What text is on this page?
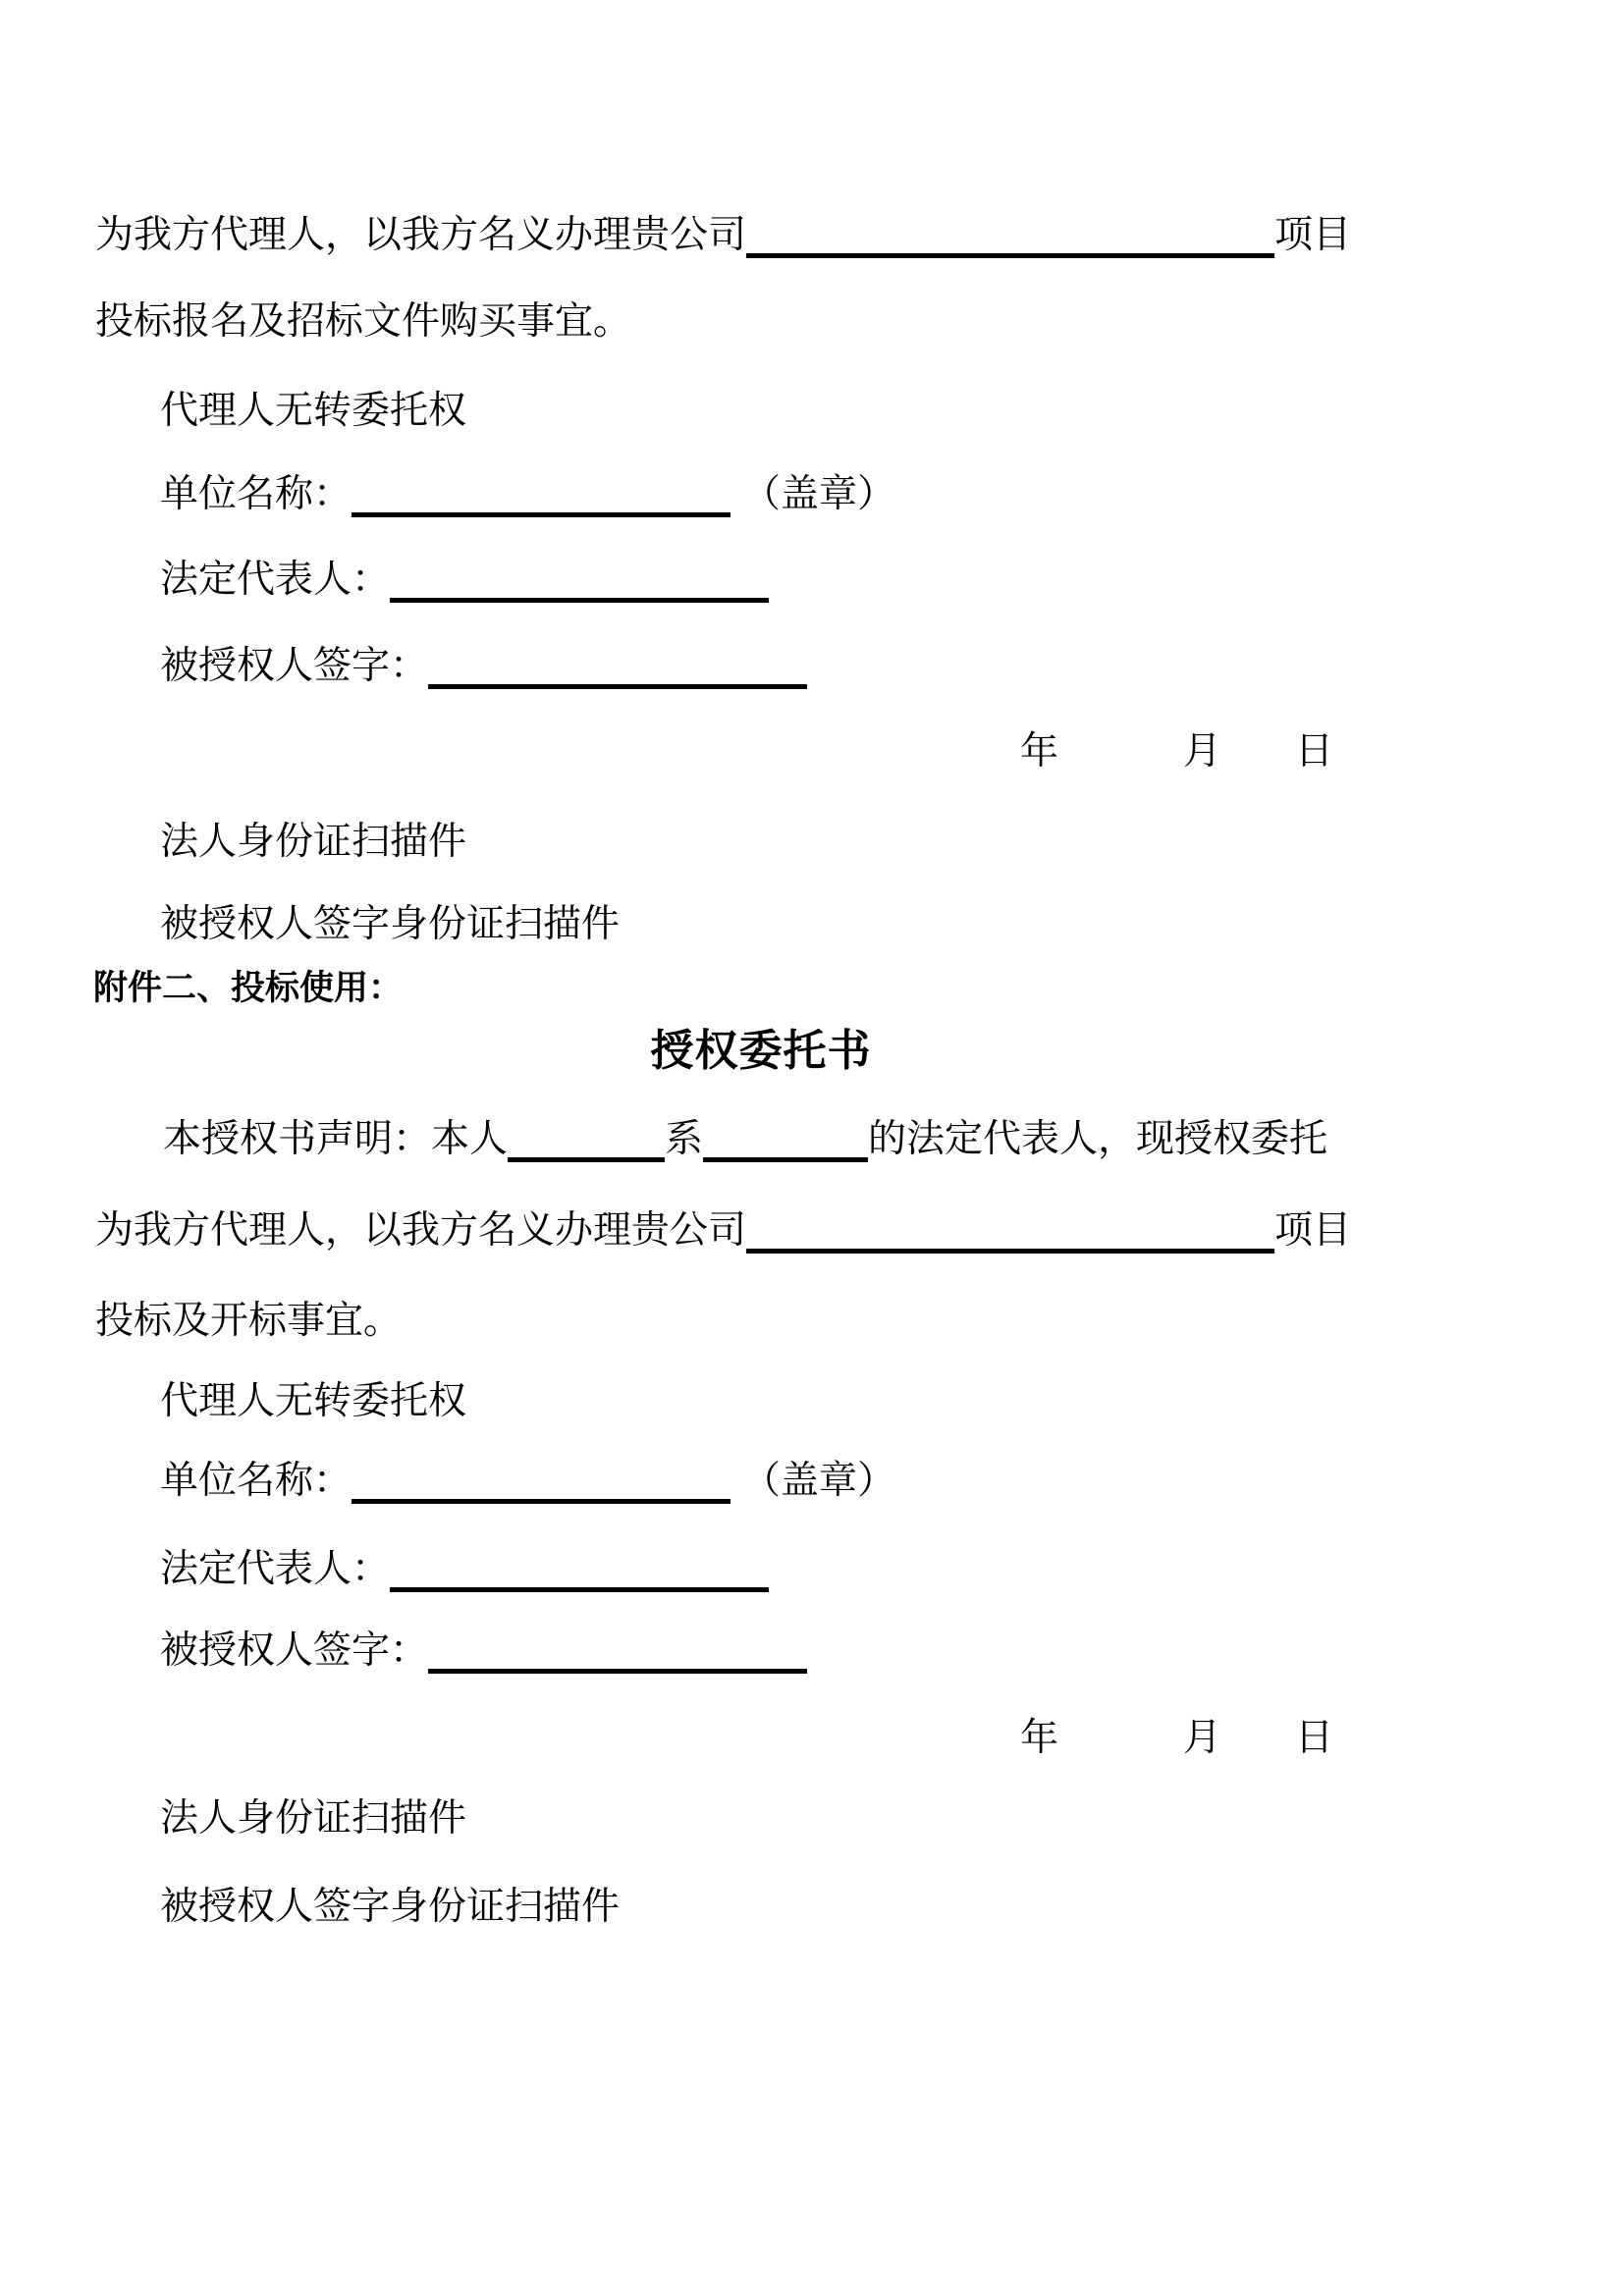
为我方代理人，以我方名义办理贵公司	项目
投标报名及招标文件购买事宜。
代理人无转委托权
单位名称：	（盖章）
法定代表人：
被授权人签字：
年	月 日
法人身份证扫描件
被授权人签字身份证扫描件
附件二、投标使用：
授权委托书
本授权书声明：本人	系	的法定代表人，现授权委托
为我方代理人，以我方名义办理贵公司	项目
投标及开标事宜。
代理人无转委托权
单位名称：	（盖章）
法定代表人：
被授权人签字：
年	月 日
法人身份证扫描件
被授权人签字身份证扫描件
